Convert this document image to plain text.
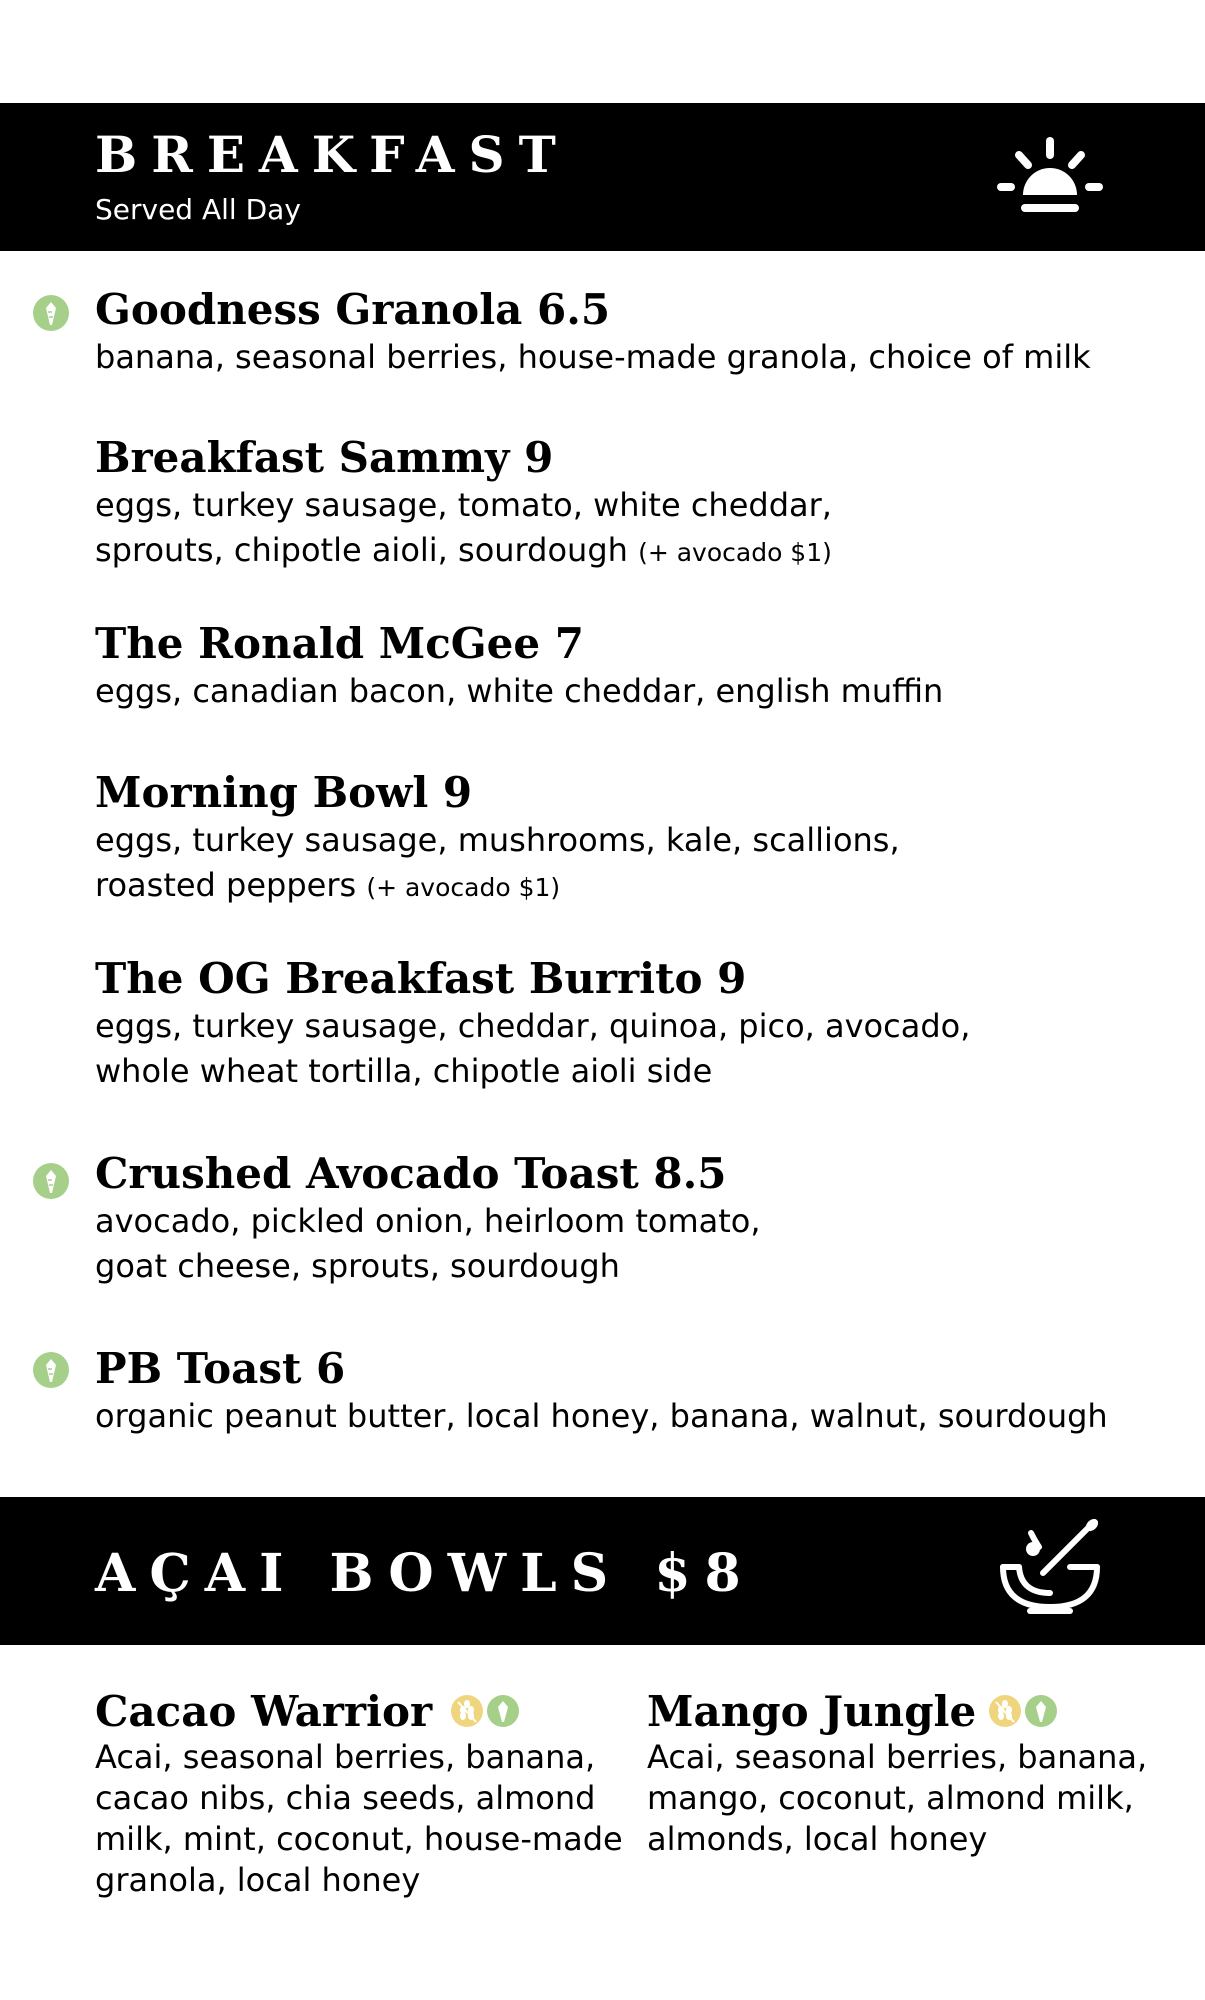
BREAKFAST
Served All Day
Goodness Granola 6.5
banana, seasonal berries, house-made granola, choice of milk
Breakfast Sammy 9
eggs, turkey sausage, tomato, white cheddar,
sprouts, chipotle aioli, sourdough (+ avocado $1)
The Ronald McGee 7
eggs, canadian bacon, white cheddar, english muffin
Morning Bowl 9
eggs, turkey sausage, mushrooms, kale, scallions,
roasted peppers (+ avocado $1)
The OG Breakfast Burrito 9
eggs, turkey sausage, cheddar, quinoa, pico, avocado,
whole wheat tortilla, chipotle aioli side
Crushed Avocado Toast 8.5
avocado, pickled onion, heirloom tomato,
goat cheese, sprouts, sourdough
PB Toast 6
organic peanut butter, local honey, banana, walnut, sourdough
AÇAI BOWLS $8
Cacao Warrior
Acai, seasonal berries, banana,
cacao nibs, chia seeds, almond
milk, mint, coconut, house-made
granola, local honey
Mango Jungle
Acai, seasonal berries, banana,
mango, coconut, almond milk,
almonds, local honey
